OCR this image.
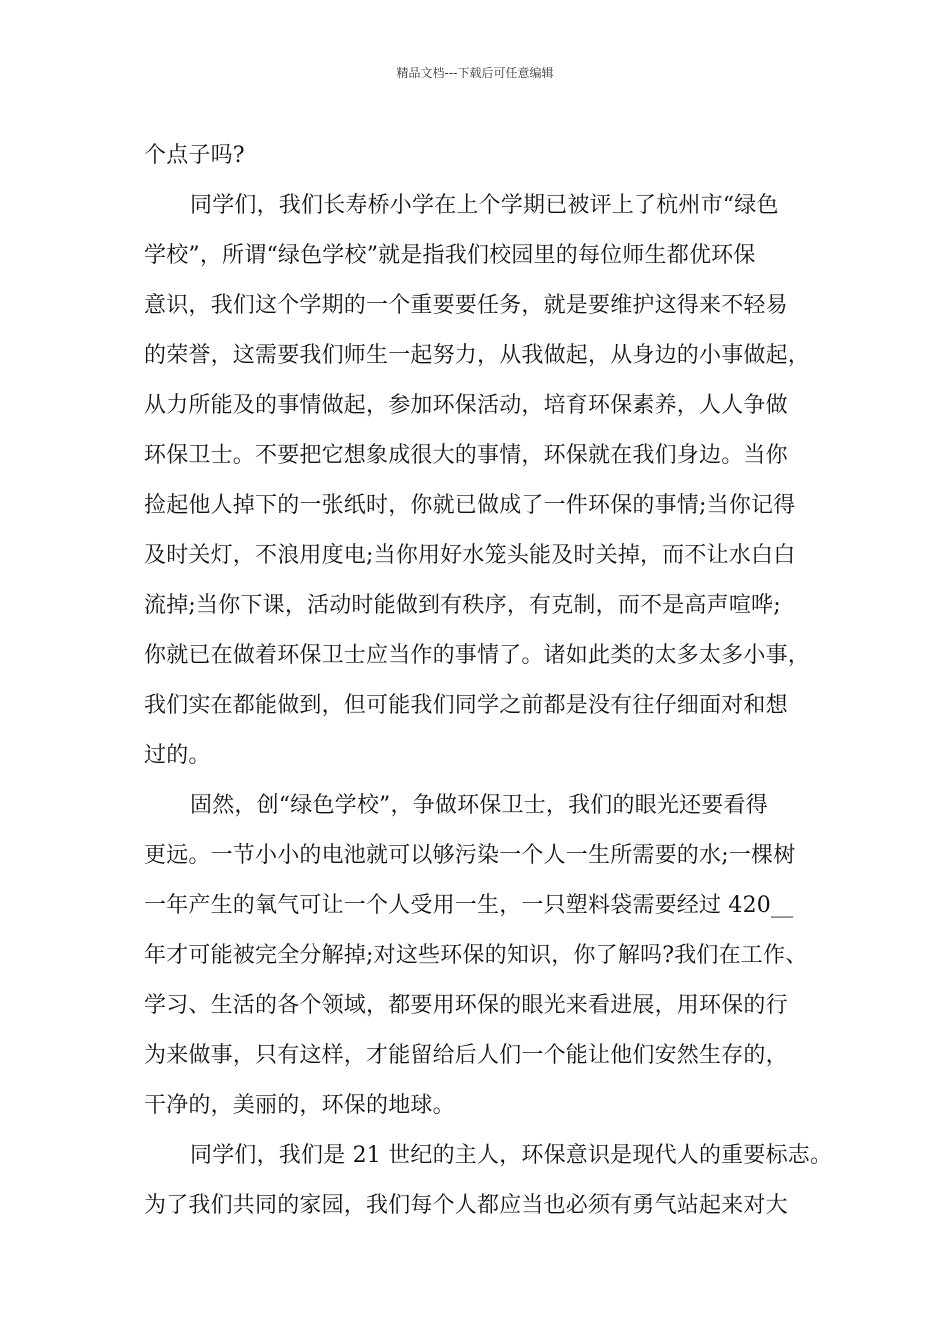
精品文档---下载后可任意编辑
个点子吗?
同学们，我们长寿桥小学在上个学期已被评上了杭州市“绿色
学校”，所谓“绿色学校”就是指我们校园里的每位师生都优环保
意识，我们这个学期的一个重要要任务，就是要维护这得来不轻易
的荣誉，这需要我们师生一起努力，从我做起，从身边的小事做起，
从力所能及的事情做起，参加环保活动，培育环保素养，人人争做
环保卫士。不要把它想象成很大的事情，环保就在我们身边。当你
捡起他人掉下的一张纸时，你就已做成了一件环保的事情;当你记得
及时关灯，不浪用度电;当你用好水笼头能及时关掉，而不让水白白
流掉;当你下课，活动时能做到有秩序，有克制，而不是高声喧哗;
你就已在做着环保卫士应当作的事情了。诸如此类的太多太多小事，
我们实在都能做到，但可能我们同学之前都是没有往仔细面对和想
过的。
固然，创“绿色学校”，争做环保卫士，我们的眼光还要看得
更远。一节小小的电池就可以够污染一个人一生所需要的水;一棵树
一年产生的氧气可让一个人受用一生，一只塑料袋需要经过 420__
年才可能被完全分解掉;对这些环保的知识，你了解吗?我们在工作、
学习、生活的各个领域，都要用环保的眼光来看进展，用环保的行
为来做事，只有这样，才能留给后人们一个能让他们安然生存的，
干净的，美丽的，环保的地球。
同学们，我们是 21 世纪的主人，环保意识是现代人的重要标志。
为了我们共同的家园，我们每个人都应当也必须有勇气站起来对大
